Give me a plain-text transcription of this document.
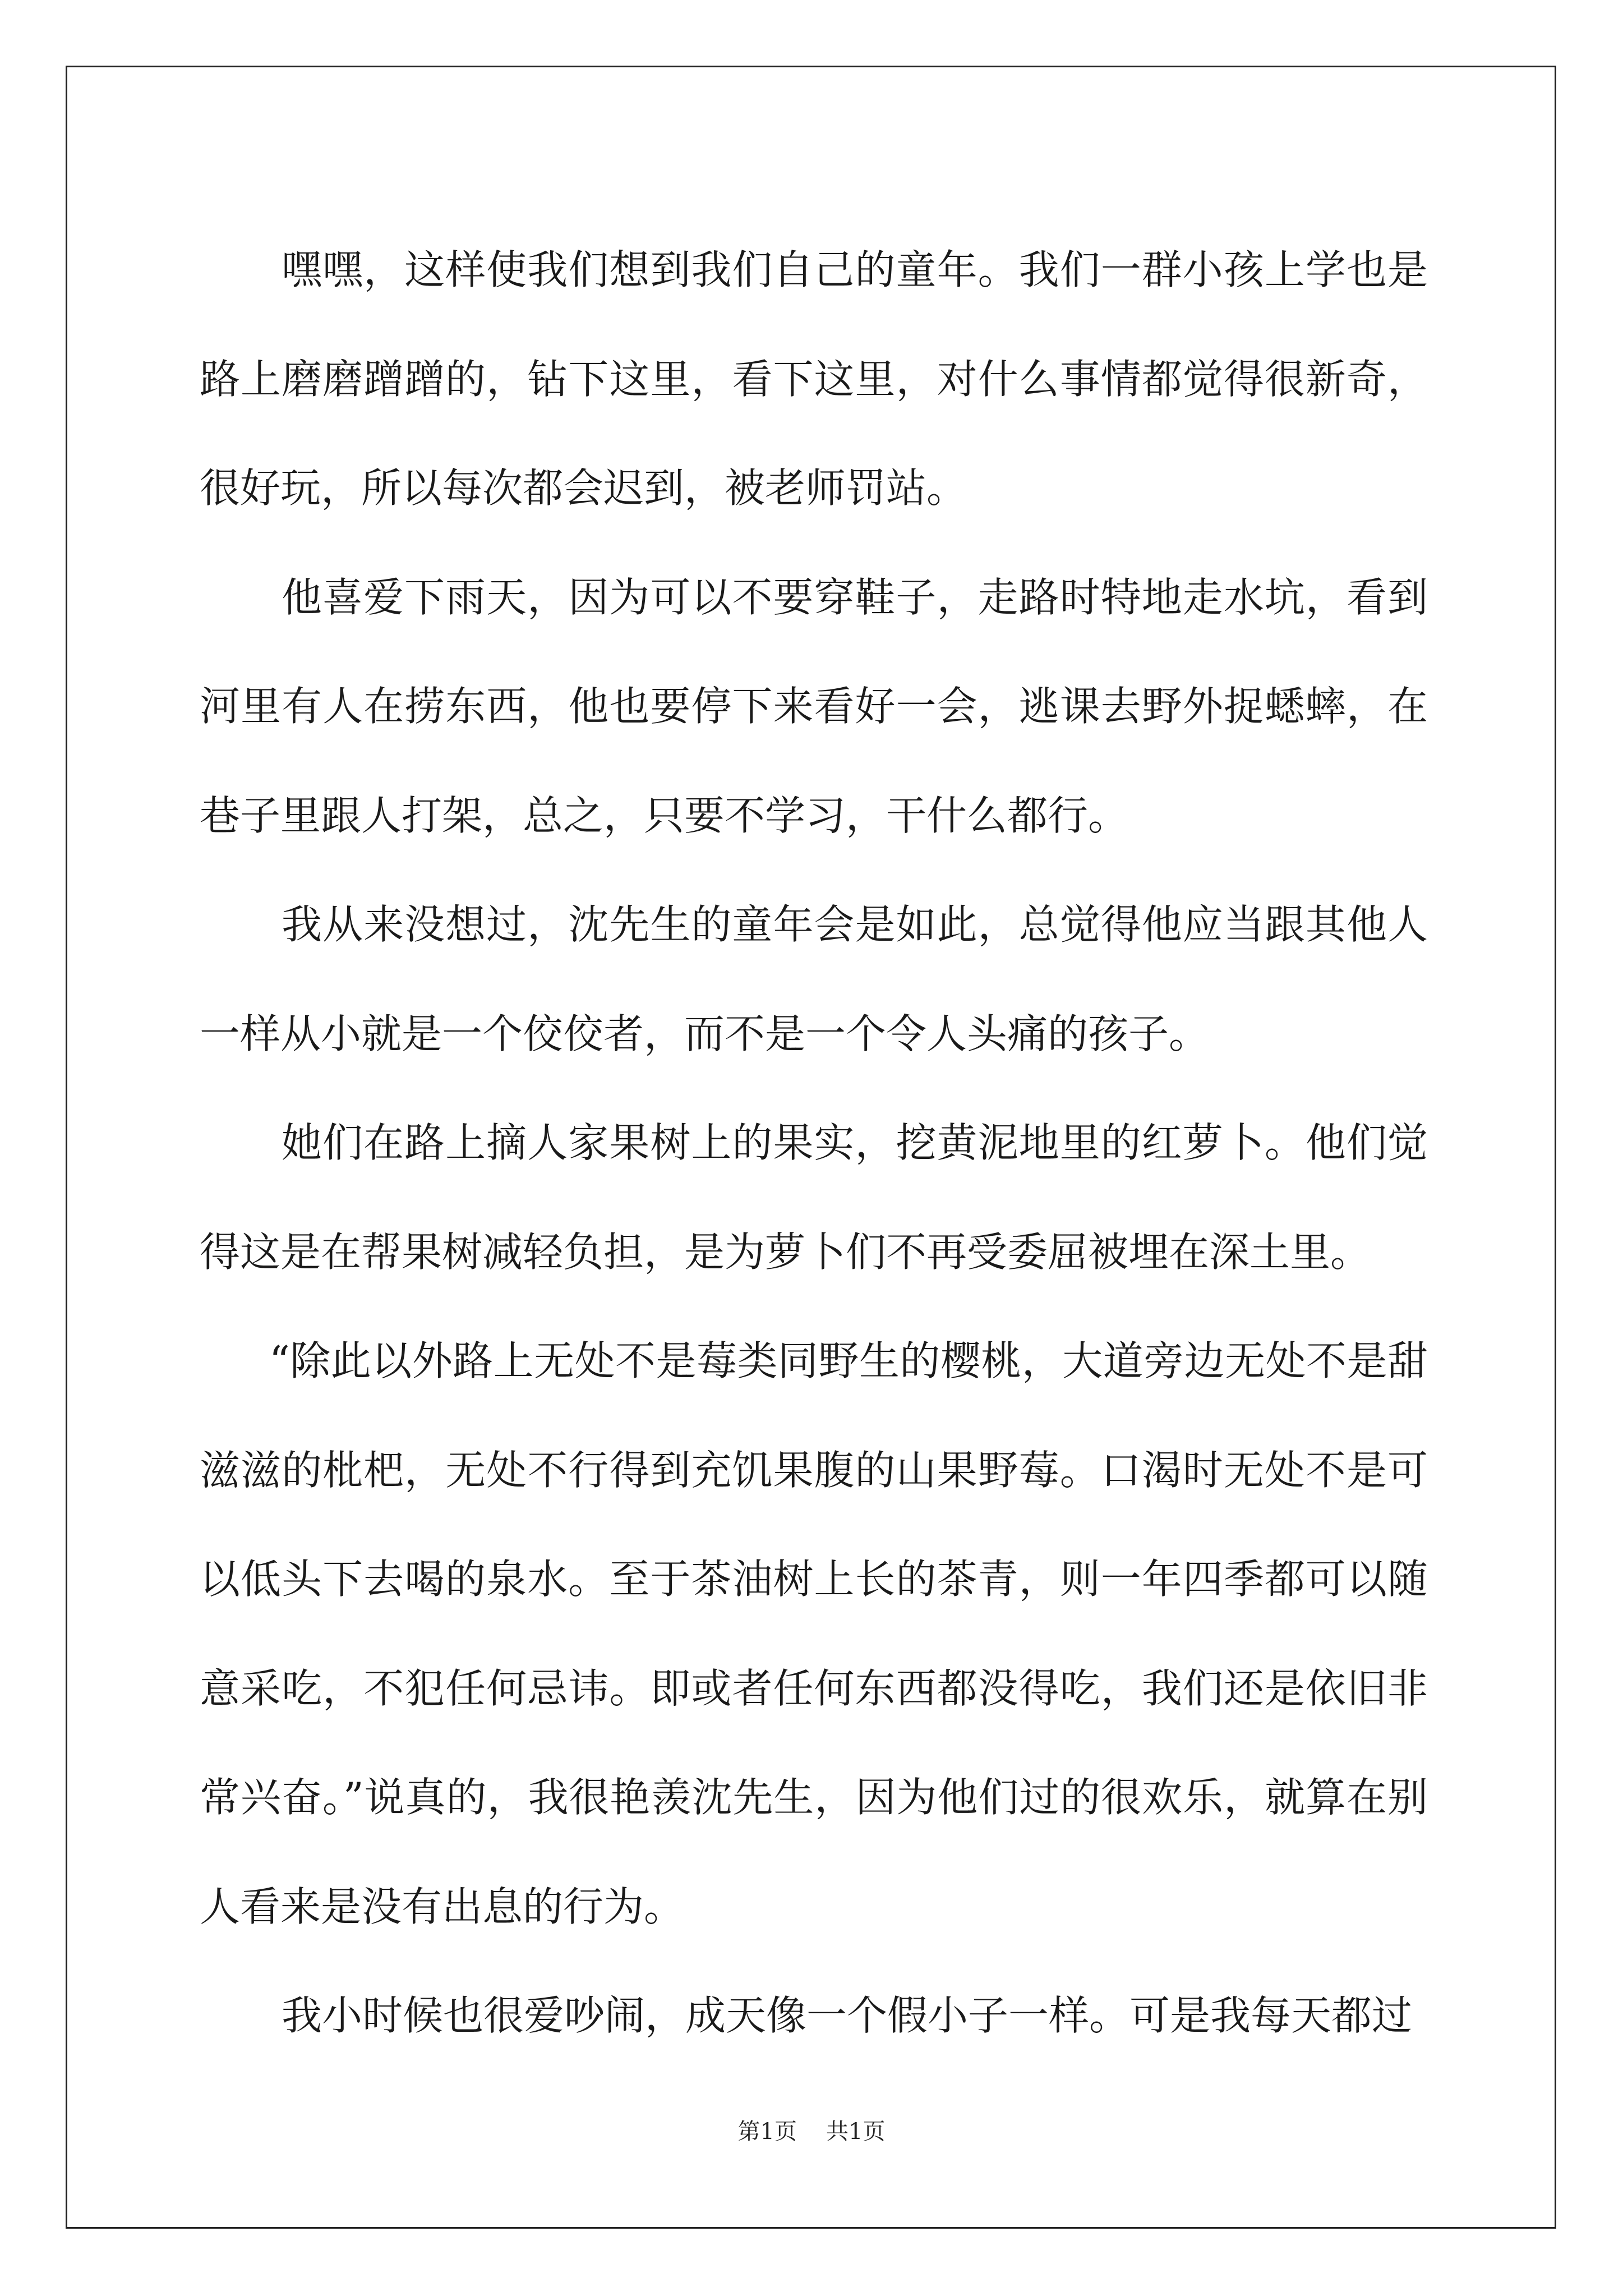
嘿嘿，这样使我们想到我们自己的童年。我们一群小孩上学也是路上磨磨蹭蹭的，钻下这里，看下这里，对什么事情都觉得很新奇，很好玩，所以每次都会迟到，被老师罚站。

他喜爱下雨天，因为可以不要穿鞋子，走路时特地走水坑，看到河里有人在捞东西，他也要停下来看好一会，逃课去野外捉蟋蟀，在巷子里跟人打架，总之，只要不学习，干什么都行。

我从来没想过，沈先生的童年会是如此，总觉得他应当跟其他人一样从小就是一个佼佼者，而不是一个令人头痛的孩子。

她们在路上摘人家果树上的果实，挖黄泥地里的红萝卜。他们觉得这是在帮果树减轻负担，是为萝卜们不再受委屈被埋在深土里。

“除此以外路上无处不是莓类同野生的樱桃，大道旁边无处不是甜滋滋的枇杷，无处不行得到充饥果腹的山果野莓。口渴时无处不是可以低头下去喝的泉水。至于茶油树上长的茶青，则一年四季都可以随意采吃，不犯任何忌讳。即或者任何东西都没得吃，我们还是依旧非常兴奋。”说真的，我很艳羡沈先生，因为他们过的很欢乐，就算在别人看来是没有出息的行为。

我小时候也很爱吵闹，成天像一个假小子一样。可是我每天都过

第1页 共1页
